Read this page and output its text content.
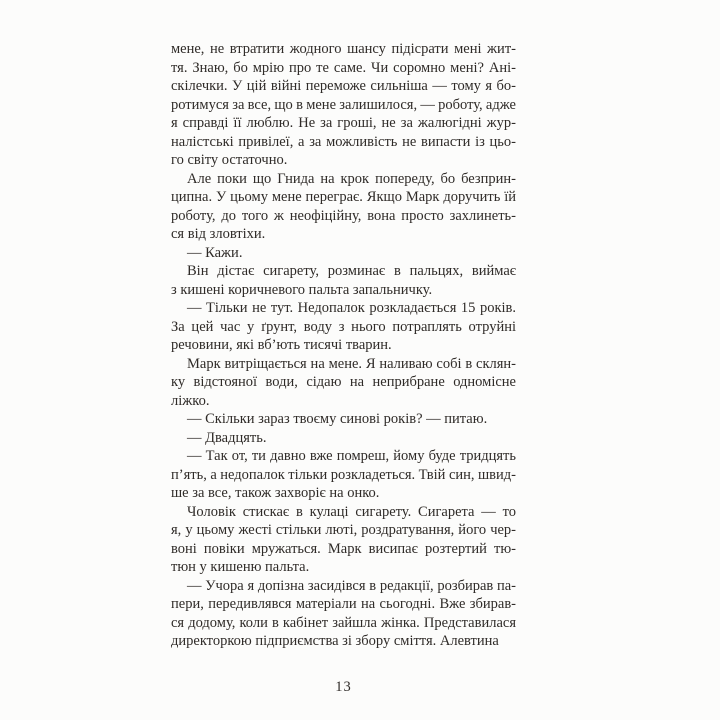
мене, не втратити жодного шансу підісрати мені жит-
тя. Знаю, бо мрію про те саме. Чи соромно мені? Ані-
скілечки. У цій війні переможе сильніша — тому я бо-
ротимуся за все, що в мене залишилося, — роботу, адже
я справді її люблю. Не за гроші, не за жалюгідні жур-
налістські привілеї, а за можливість не випасти із цьо-
го світу остаточно.
Але поки що Гнида на крок попереду, бо безприн-
ципна. У цьому мене переграє. Якщо Марк доручить їй
роботу, до того ж неофіційну, вона просто захлинеть-
ся від зловтіхи.
— Кажи.
Він дістає сигарету, розминає в пальцях, виймає
з кишені коричневого пальта запальничку.
— Тільки не тут. Недопалок розкладається 15 років.
За цей час у ґрунт, воду з нього потраплять отруйні
речовини, які вб’ють тисячі тварин.
Марк витріщається на мене. Я наливаю собі в склян-
ку відстояної води, сідаю на неприбране одномісне
ліжко.
— Скільки зараз твоєму синові років? — питаю.
— Двадцять.
— Так от, ти давно вже помреш, йому буде тридцять
п’ять, а недопалок тільки розкладеться. Твій син, швид-
ше за все, також захворіє на онко.
Чоловік стискає в кулаці сигарету. Сигарета — то
я, у цьому жесті стільки люті, роздратування, його чер-
воні повіки мружаться. Марк висипає розтертий тю-
тюн у кишеню пальта.
— Учора я допізна засидівся в редакції, розбирав па-
пери, передивлявся матеріали на сьогодні. Вже збирав-
ся додому, коли в кабінет зайшла жінка. Представилася
директоркою підприємства зі збору сміття. Алевтина
13
